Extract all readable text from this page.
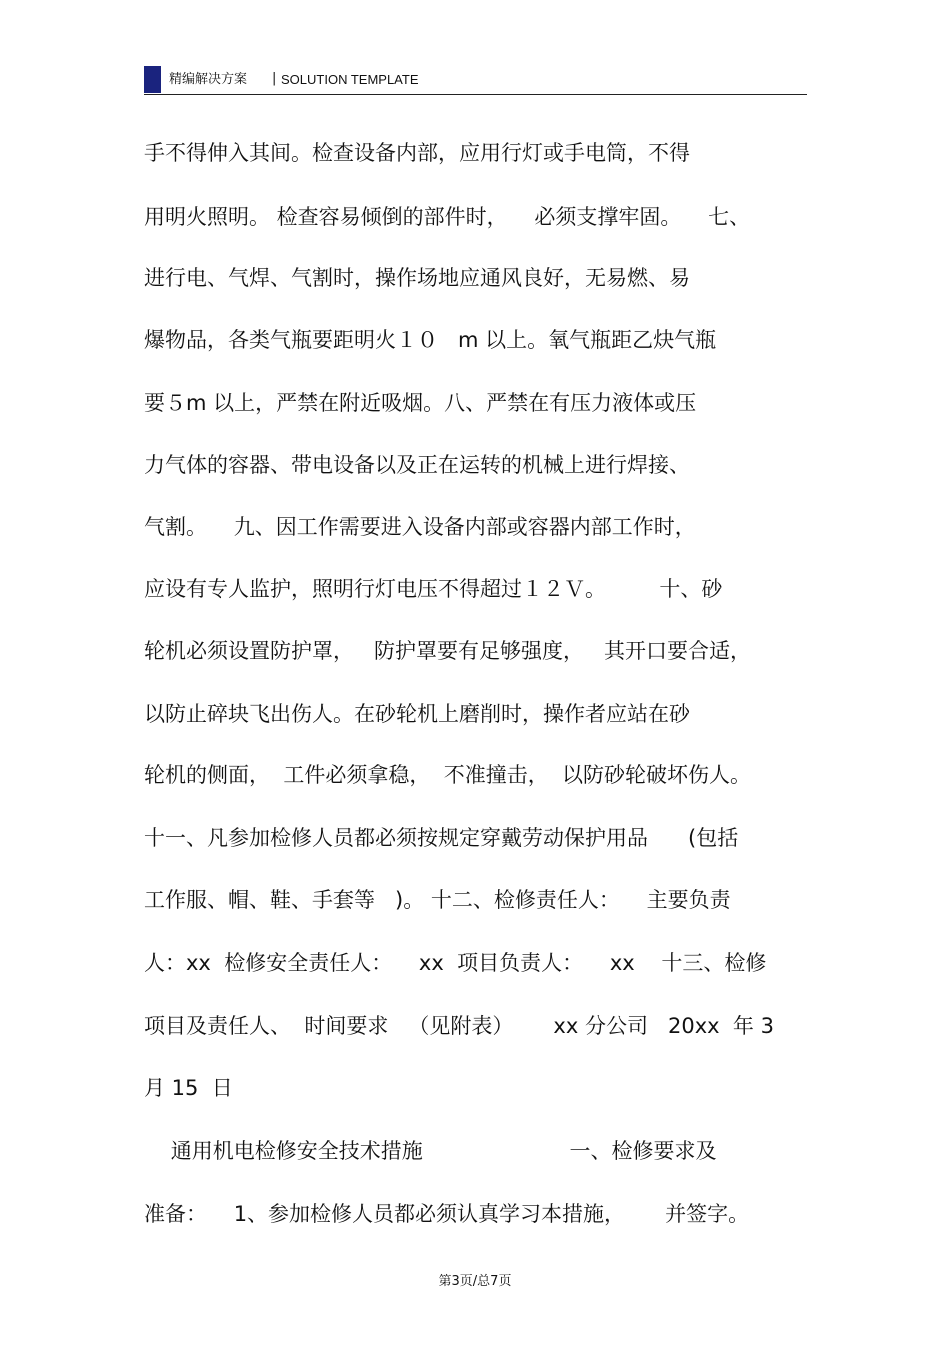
精编解决方案 | SOLUTION TEMPLATE
手不得伸入其间。检查设备内部，应用行灯或手电筒，不得
用明火照明。 检查容易倾倒的部件时，    必须支撑牢固。    七、
进行电、气焊、气割时，操作场地应通风良好，无易燃、易
爆物品，各类气瓶要距明火１０   m 以上。氧气瓶距乙炔气瓶
要５m 以上，严禁在附近吸烟。八、严禁在有压力液体或压
力气体的容器、带电设备以及正在运转的机械上进行焊接、
气割。    九、因工作需要进入设备内部或容器内部工作时，
应设有专人监护，照明行灯电压不得超过１２Ｖ。        十、砂
轮机必须设置防护罩，   防护罩要有足够强度，   其开口要合适，
以防止碎块飞出伤人。在砂轮机上磨削时，操作者应站在砂
轮机的侧面，  工件必须拿稳，  不准撞击，  以防砂轮破坏伤人。
十一、凡参加检修人员都必须按规定穿戴劳动保护用品      (包括
工作服、帽、鞋、手套等   )。 十二、检修责任人：    主要负责
人：xx  检修安全责任人：    xx  项目负责人：    xx    十三、检修
项目及责任人、  时间要求   （见附表）      xx 分公司   20xx  年 3
月 15  日
通用机电检修安全技术措施                      一、检修要求及
准备：    1、参加检修人员都必须认真学习本措施，      并签字。
第3页/总7页
